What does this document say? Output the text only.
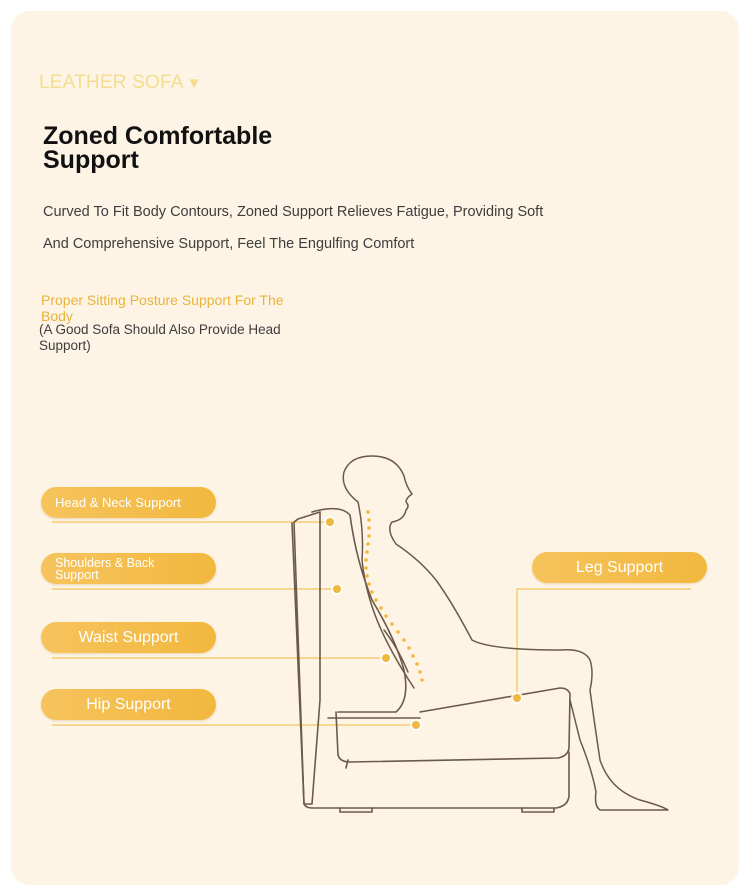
LEATHER SOFA ▼
Zoned Comfortable Support
Curved To Fit Body Contours, Zoned Support Relieves Fatigue, Providing Soft
And Comprehensive Support, Feel The Engulfing Comfort
Proper Sitting Posture Support For The Body
(A Good Sofa Should Also Provide Head Support)
Head & Neck Support
Shoulders & Back Support
Waist Support
Hip Support
Leg Support
